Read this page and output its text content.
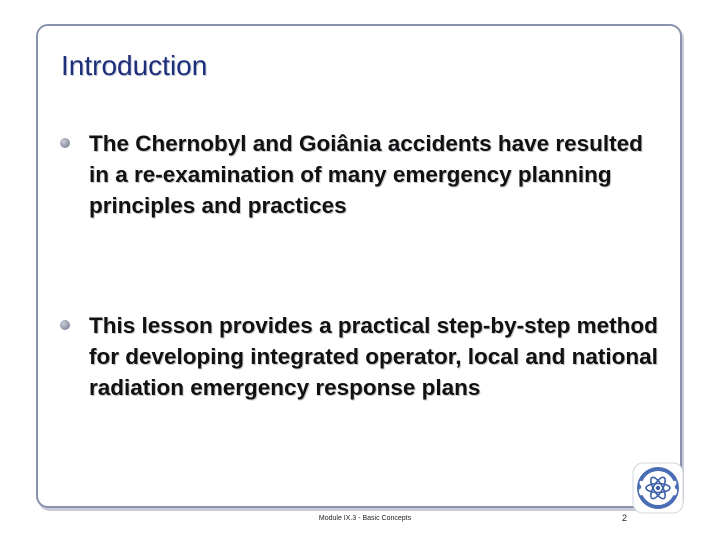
Introduction
The Chernobyl and Goiânia accidents have resulted in a re-examination of many emergency planning principles and practices
This lesson provides a practical step-by-step method for developing integrated operator, local and national radiation emergency response plans
Module IX.3 - Basic Concepts	2
